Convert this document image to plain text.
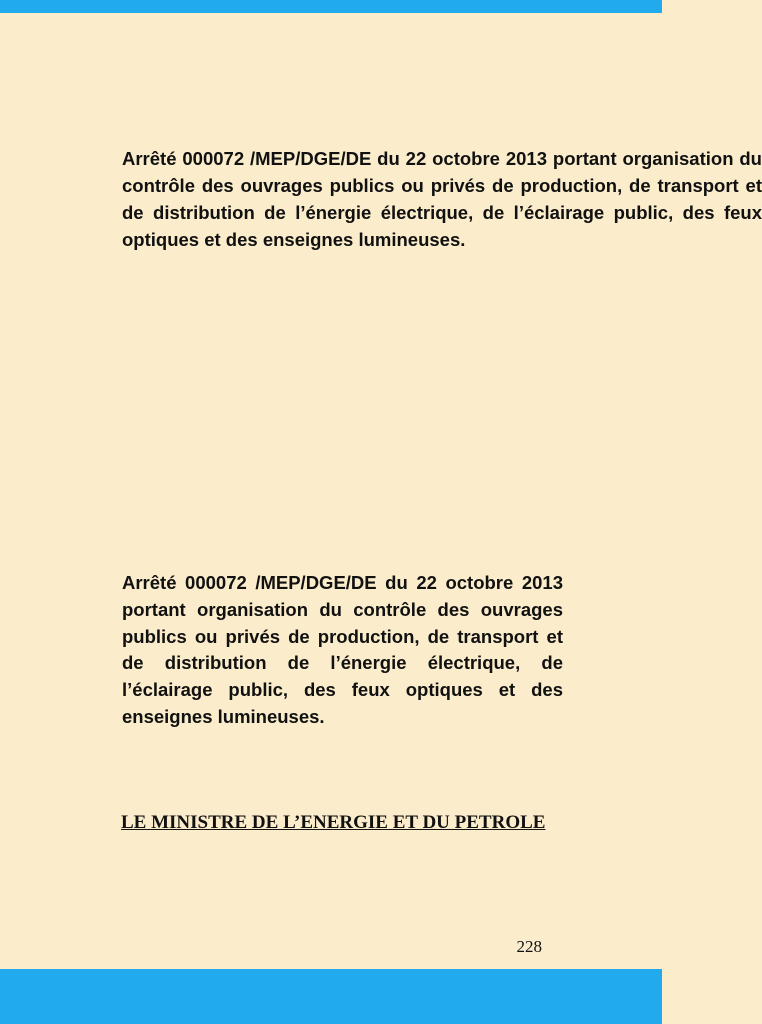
Arrêté 000072 /MEP/DGE/DE du 22 octobre 2013 portant organisation du contrôle des ouvrages publics ou privés de production, de transport et de distribution de l’énergie électrique, de l’éclairage public, des feux optiques et des enseignes lumineuses.

Arrêté 000072 /MEP/DGE/DE du 22 octobre 2013 portant organisation du contrôle des ouvrages publics ou privés de production, de transport et de distribution de l’énergie électrique, de l’éclairage public, des feux optiques et des enseignes lumineuses.

LE MINISTRE DE L’ENERGIE ET DU PETROLE

228
